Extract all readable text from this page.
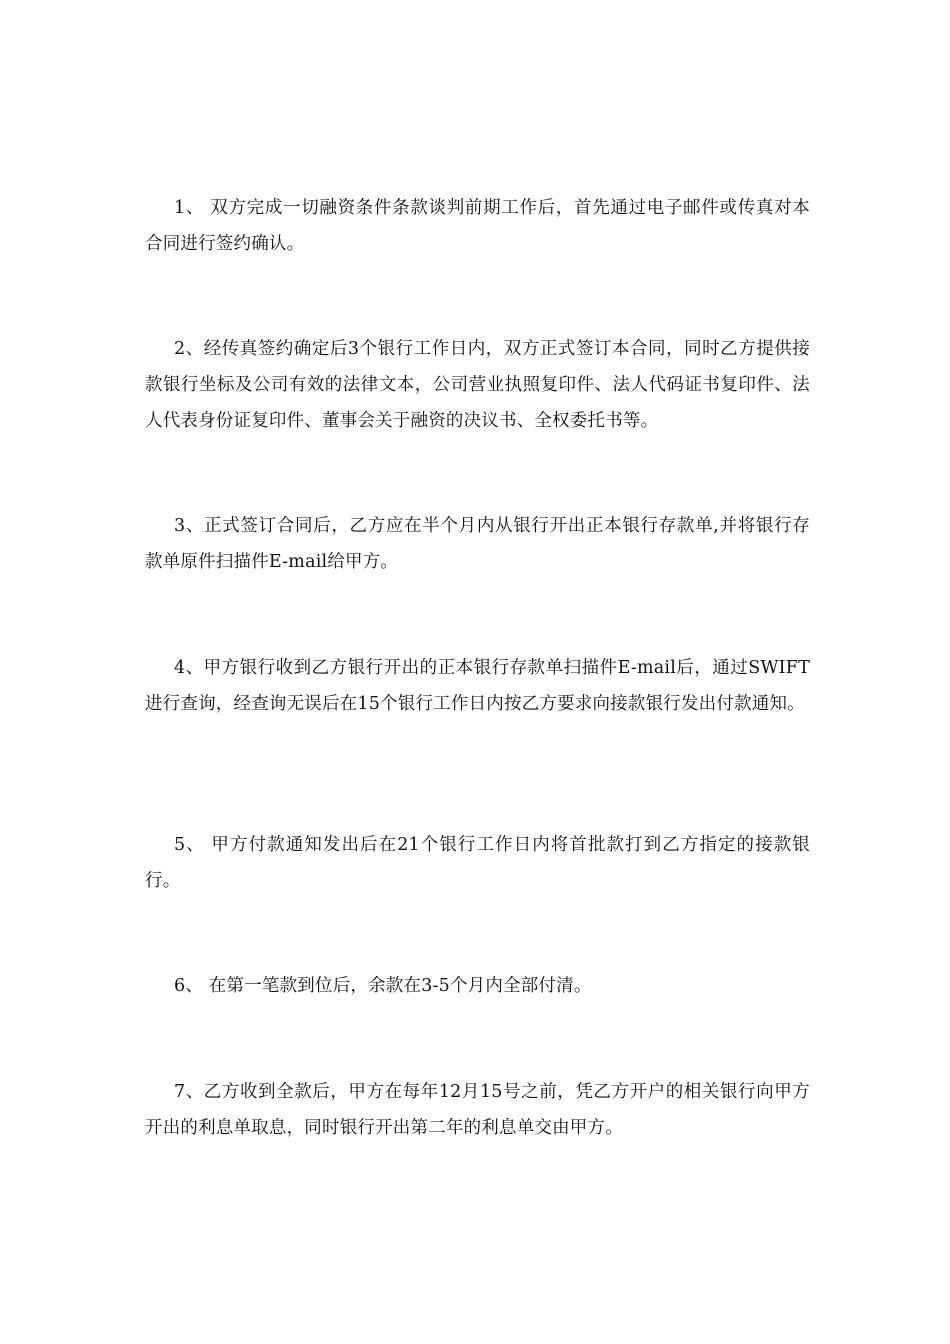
1、 双方完成一切融资条件条款谈判前期工作后，首先通过电子邮件或传真对本合同进行签约确认。

2、经传真签约确定后3个银行工作日内，双方正式签订本合同，同时乙方提供接款银行坐标及公司有效的法律文本，公司营业执照复印件、法人代码证书复印件、法人代表身份证复印件、董事会关于融资的决议书、全权委托书等。

3、正式签订合同后，乙方应在半个月内从银行开出正本银行存款单,并将银行存款单原件扫描件E-mail给甲方。

4、甲方银行收到乙方银行开出的正本银行存款单扫描件E-mail后，通过SWIFT进行查询，经查询无误后在15个银行工作日内按乙方要求向接款银行发出付款通知。

5、 甲方付款通知发出后在21个银行工作日内将首批款打到乙方指定的接款银行。

6、 在第一笔款到位后，余款在3-5个月内全部付清。

7、乙方收到全款后，甲方在每年12月15号之前，凭乙方开户的相关银行向甲方开出的利息单取息，同时银行开出第二年的利息单交由甲方。
